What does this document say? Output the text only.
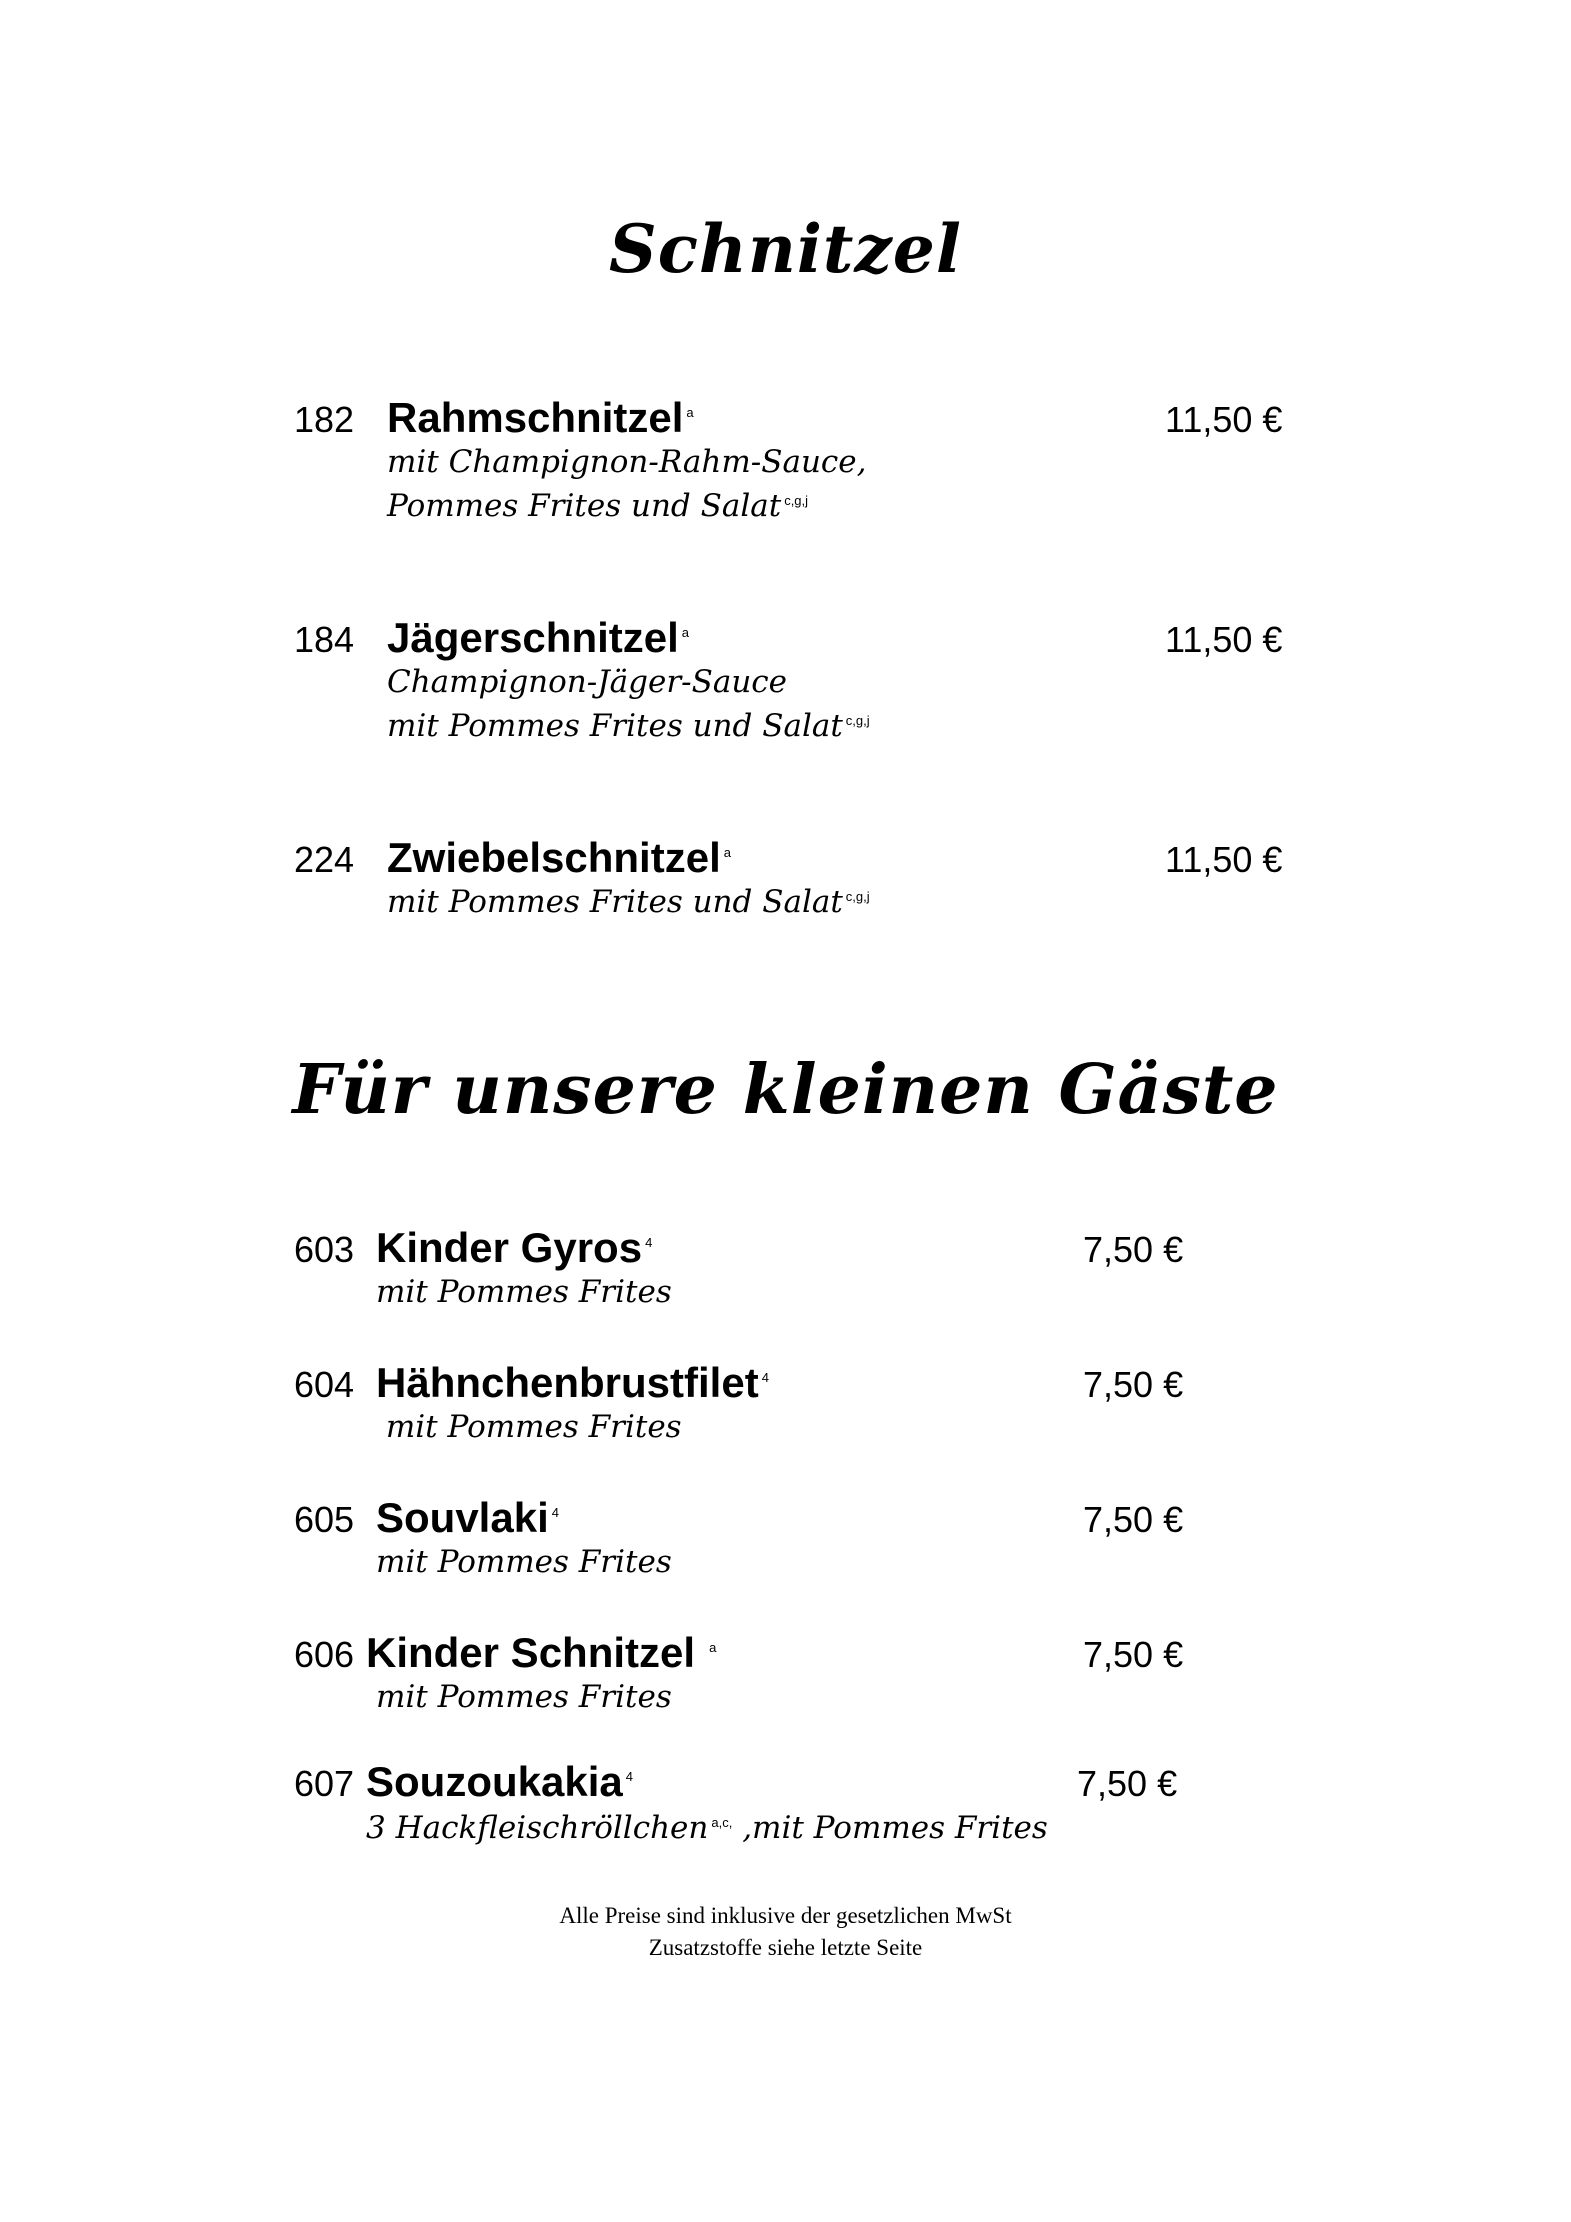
Schnitzel
182 Rahmschnitzel $^a$	11,50 €
mit Champignon-Rahm-Sauce,
Pommes Frites und Salat $^{c,g,j}$
184 Jägerschnitzel $^a$	11,50 €
Champignon-Jäger-Sauce
mit Pommes Frites und Salat $^{c,g,j}$
224 Zwiebelschnitzel $^a$	11,50 €
mit Pommes Frites und Salat $^{c,g,j}$
Für unsere kleinen Gäste
603 Kinder Gyros $^4$	7,50 €
mit Pommes Frites
604 Hähnchenbrustfilet $^4$	7,50 €
mit Pommes Frites
605 Souvlaki $^4$	7,50 €
mit Pommes Frites
606 Kinder Schnitzel $^a$	7,50 €
mit Pommes Frites
607 Souzoukakia $^4$	7,50 €
3 Hackfleischröllchen $^{a,c,}$ ,mit Pommes Frites
Alle Preise sind inklusive der gesetzlichen MwSt
Zusatzstoffe siehe letzte Seite
